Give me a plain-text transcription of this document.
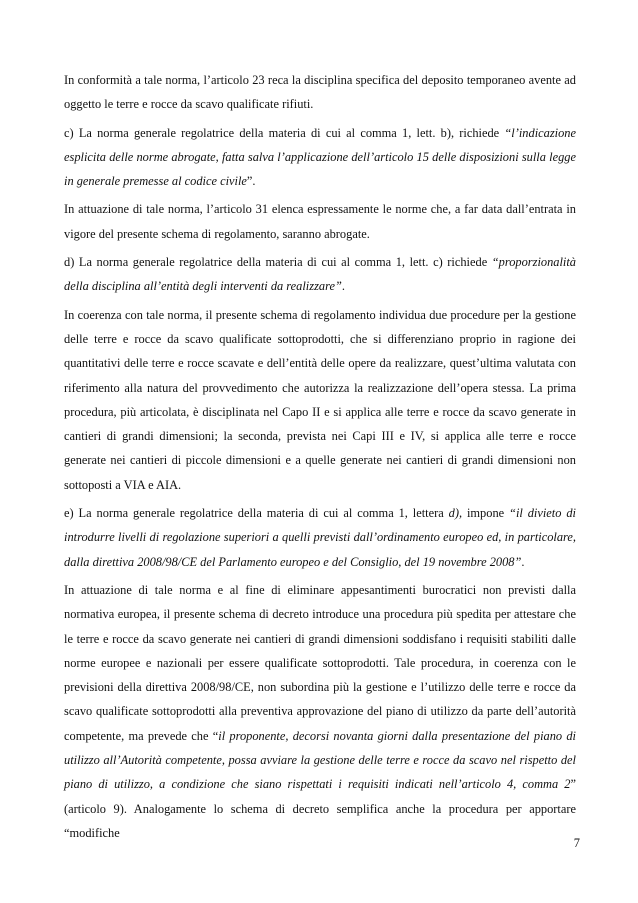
In conformità a tale norma, l’articolo 23 reca la disciplina specifica del deposito temporaneo avente ad oggetto le terre e rocce da scavo qualificate rifiuti.

c) La norma generale regolatrice della materia di cui al comma 1, lett. b), richiede “l’indicazione esplicita delle norme abrogate, fatta salva l’applicazione dell’articolo 15 delle disposizioni sulla legge in generale premesse al codice civile”.

In attuazione di tale norma, l’articolo 31 elenca espressamente le norme che, a far data dall’entrata in vigore del presente schema di regolamento, saranno abrogate.

d) La norma generale regolatrice della materia di cui al comma 1, lett. c) richiede “proporzionalità della disciplina all’entità degli interventi da realizzare”.

In coerenza con tale norma, il presente schema di regolamento individua due procedure per la gestione delle terre e rocce da scavo qualificate sottoprodotti, che si differenziano proprio in ragione dei quantitativi delle terre e rocce scavate e dell’entità delle opere da realizzare, quest’ultima valutata con riferimento alla natura del provvedimento che autorizza la realizzazione dell’opera stessa. La prima procedura, più articolata, è disciplinata nel Capo II e si applica alle terre e rocce da scavo generate in cantieri di grandi dimensioni; la seconda, prevista nei Capi III e IV, si applica alle terre e rocce generate nei cantieri di piccole dimensioni e a quelle generate nei cantieri di grandi dimensioni non sottoposti a VIA e AIA.

e) La norma generale regolatrice della materia di cui al comma 1, lettera d), impone “il divieto di introdurre livelli di regolazione superiori a quelli previsti dall’ordinamento europeo ed, in particolare, dalla direttiva 2008/98/CE del Parlamento europeo e del Consiglio, del 19 novembre 2008”.

In attuazione di tale norma e al fine di eliminare appesantimenti burocratici non previsti dalla normativa europea, il presente schema di decreto introduce una procedura più spedita per attestare che le terre e rocce da scavo generate nei cantieri di grandi dimensioni soddisfano i requisiti stabiliti dalle norme europee e nazionali per essere qualificate sottoprodotti. Tale procedura, in coerenza con le previsioni della direttiva 2008/98/CE, non subordina più la gestione e l’utilizzo delle terre e rocce da scavo qualificate sottoprodotti alla preventiva approvazione del piano di utilizzo da parte dell’autorità competente, ma prevede che “il proponente, decorsi novanta giorni dalla presentazione del piano di utilizzo all’Autorità competente, possa avviare la gestione delle terre e rocce da scavo nel rispetto del piano di utilizzo, a condizione che siano rispettati i requisiti indicati nell’articolo 4, comma 2” (articolo 9). Analogamente lo schema di decreto semplifica anche la procedura per apportare “modifiche

7
